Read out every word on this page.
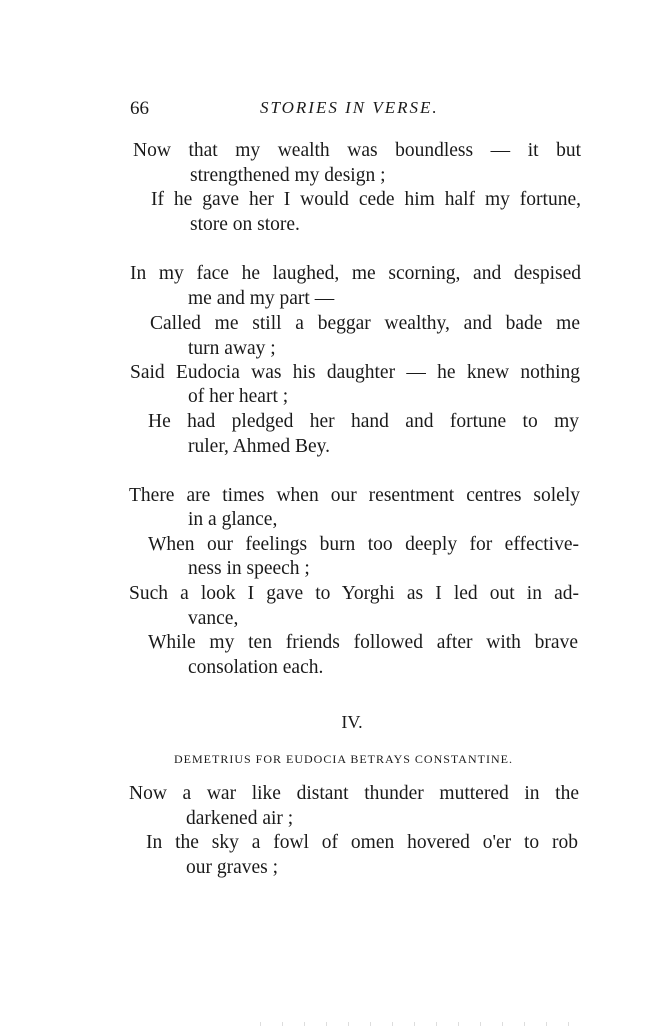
66	STORIES IN VERSE.
Now that my wealth was boundless — it but
strengthened my design ;
If he gave her I would cede him half my fortune,
store on store.
In my face he laughed, me scorning, and despised
me and my part —
Called me still a beggar wealthy, and bade me
turn away ;
Said Eudocia was his daughter — he knew nothing
of her heart ;
He had pledged her hand and fortune to my
ruler, Ahmed Bey.
There are times when our resentment centres solely
in a glance,
When our feelings burn too deeply for effective-
ness in speech ;
Such a look I gave to Yorghi as I led out in ad-
vance,
While my ten friends followed after with brave
consolation each.
IV.
DEMETRIUS FOR EUDOCIA BETRAYS CONSTANTINE.
Now a war like distant thunder muttered in the
darkened air ;
In the sky a fowl of omen hovered o'er to rob
our graves ;
